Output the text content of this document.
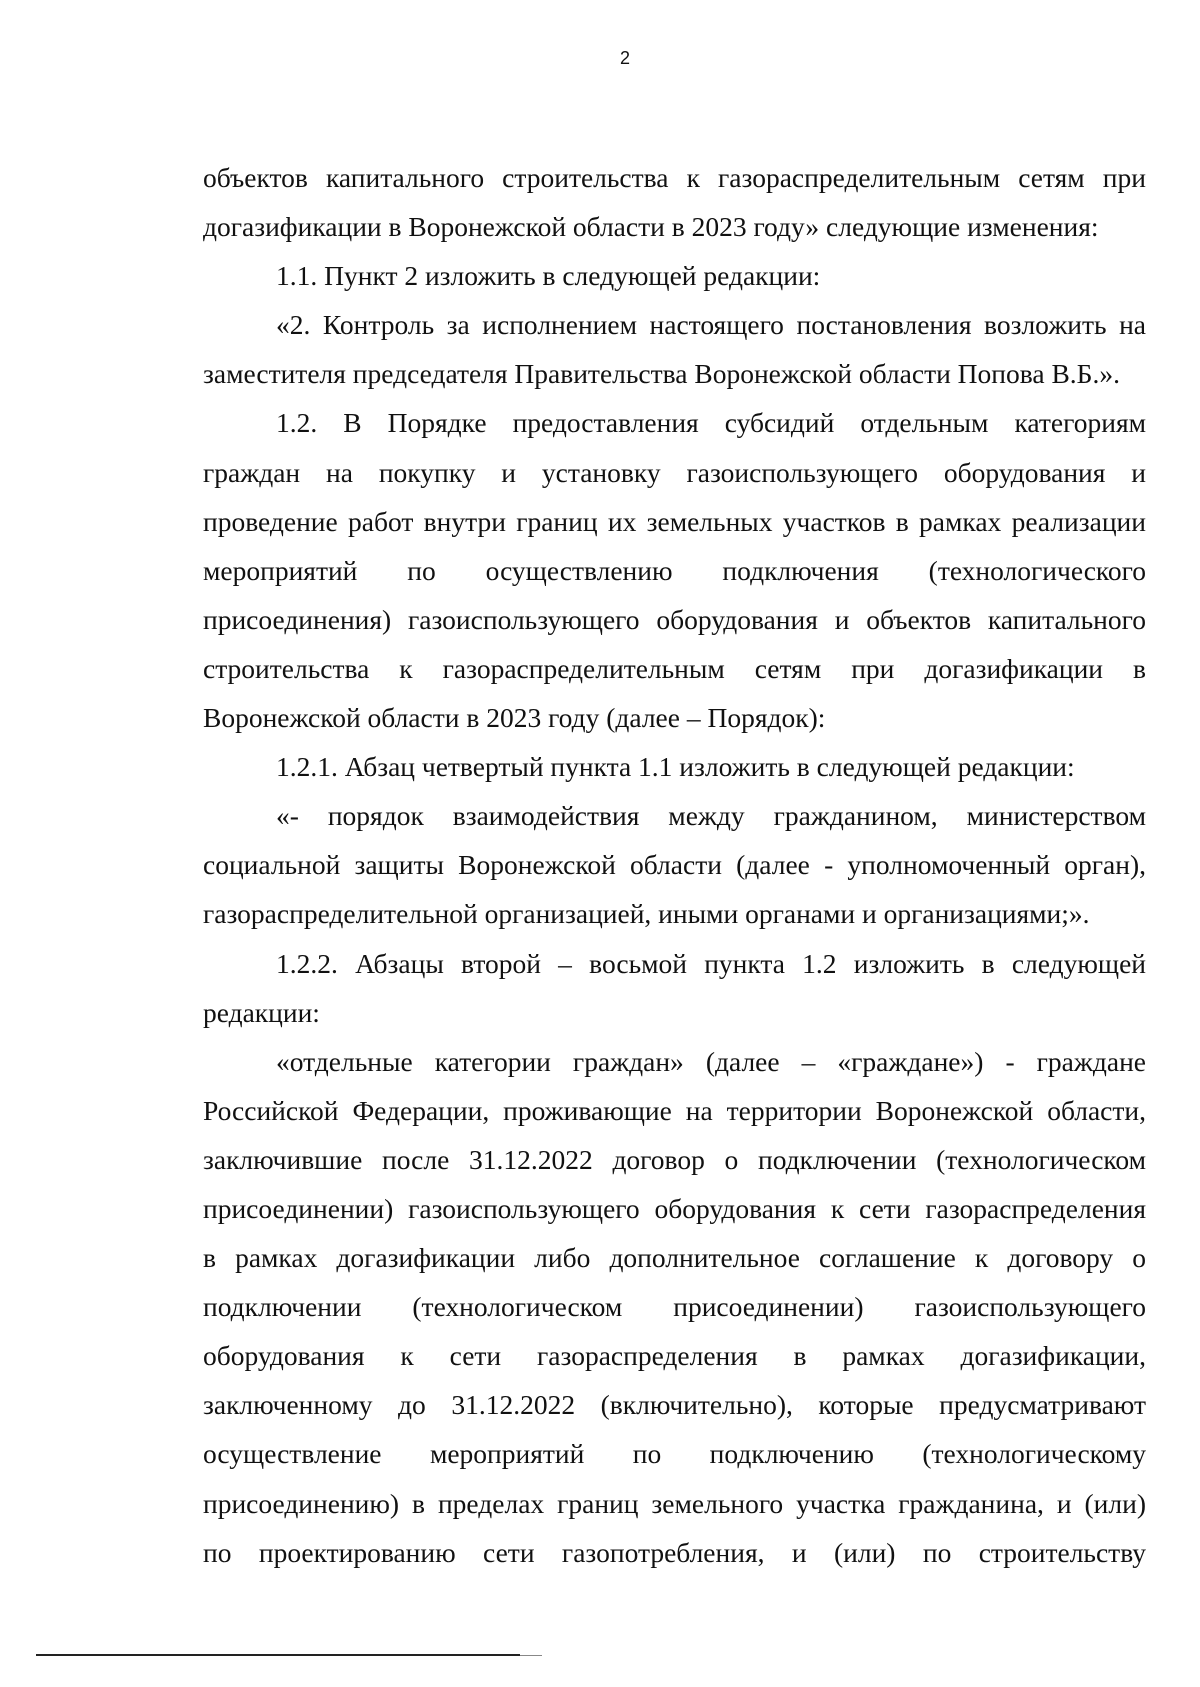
2
объектов капитального строительства к газораспределительным сетям при
догазификации в Воронежской области в 2023 году» следующие изменения:
1.1. Пункт 2 изложить в следующей редакции:
«2. Контроль за исполнением настоящего постановления возложить на
заместителя председателя Правительства Воронежской области Попова В.Б.».
1.2. В Порядке предоставления субсидий отдельным категориям
граждан на покупку и установку газоиспользующего оборудования и
проведение работ внутри границ их земельных участков в рамках реализации
мероприятий по осуществлению подключения (технологического
присоединения) газоиспользующего оборудования и объектов капитального
строительства к газораспределительным сетям при догазификации в
Воронежской области в 2023 году (далее – Порядок):
1.2.1. Абзац четвертый пункта 1.1 изложить в следующей редакции:
«- порядок взаимодействия между гражданином, министерством
социальной защиты Воронежской области (далее - уполномоченный орган),
газораспределительной организацией, иными органами и организациями;».
1.2.2. Абзацы второй – восьмой пункта 1.2 изложить в следующей
редакции:
«отдельные категории граждан» (далее – «граждане») - граждане
Российской Федерации, проживающие на территории Воронежской области,
заключившие после 31.12.2022 договор о подключении (технологическом
присоединении) газоиспользующего оборудования к сети газораспределения
в рамках догазификации либо дополнительное соглашение к договору о
подключении (технологическом присоединении) газоиспользующего
оборудования к сети газораспределения в рамках догазификации,
заключенному до 31.12.2022 (включительно), которые предусматривают
осуществление мероприятий по подключению (технологическому
присоединению) в пределах границ земельного участка гражданина, и (или)
по проектированию сети газопотребления, и (или) по строительству
